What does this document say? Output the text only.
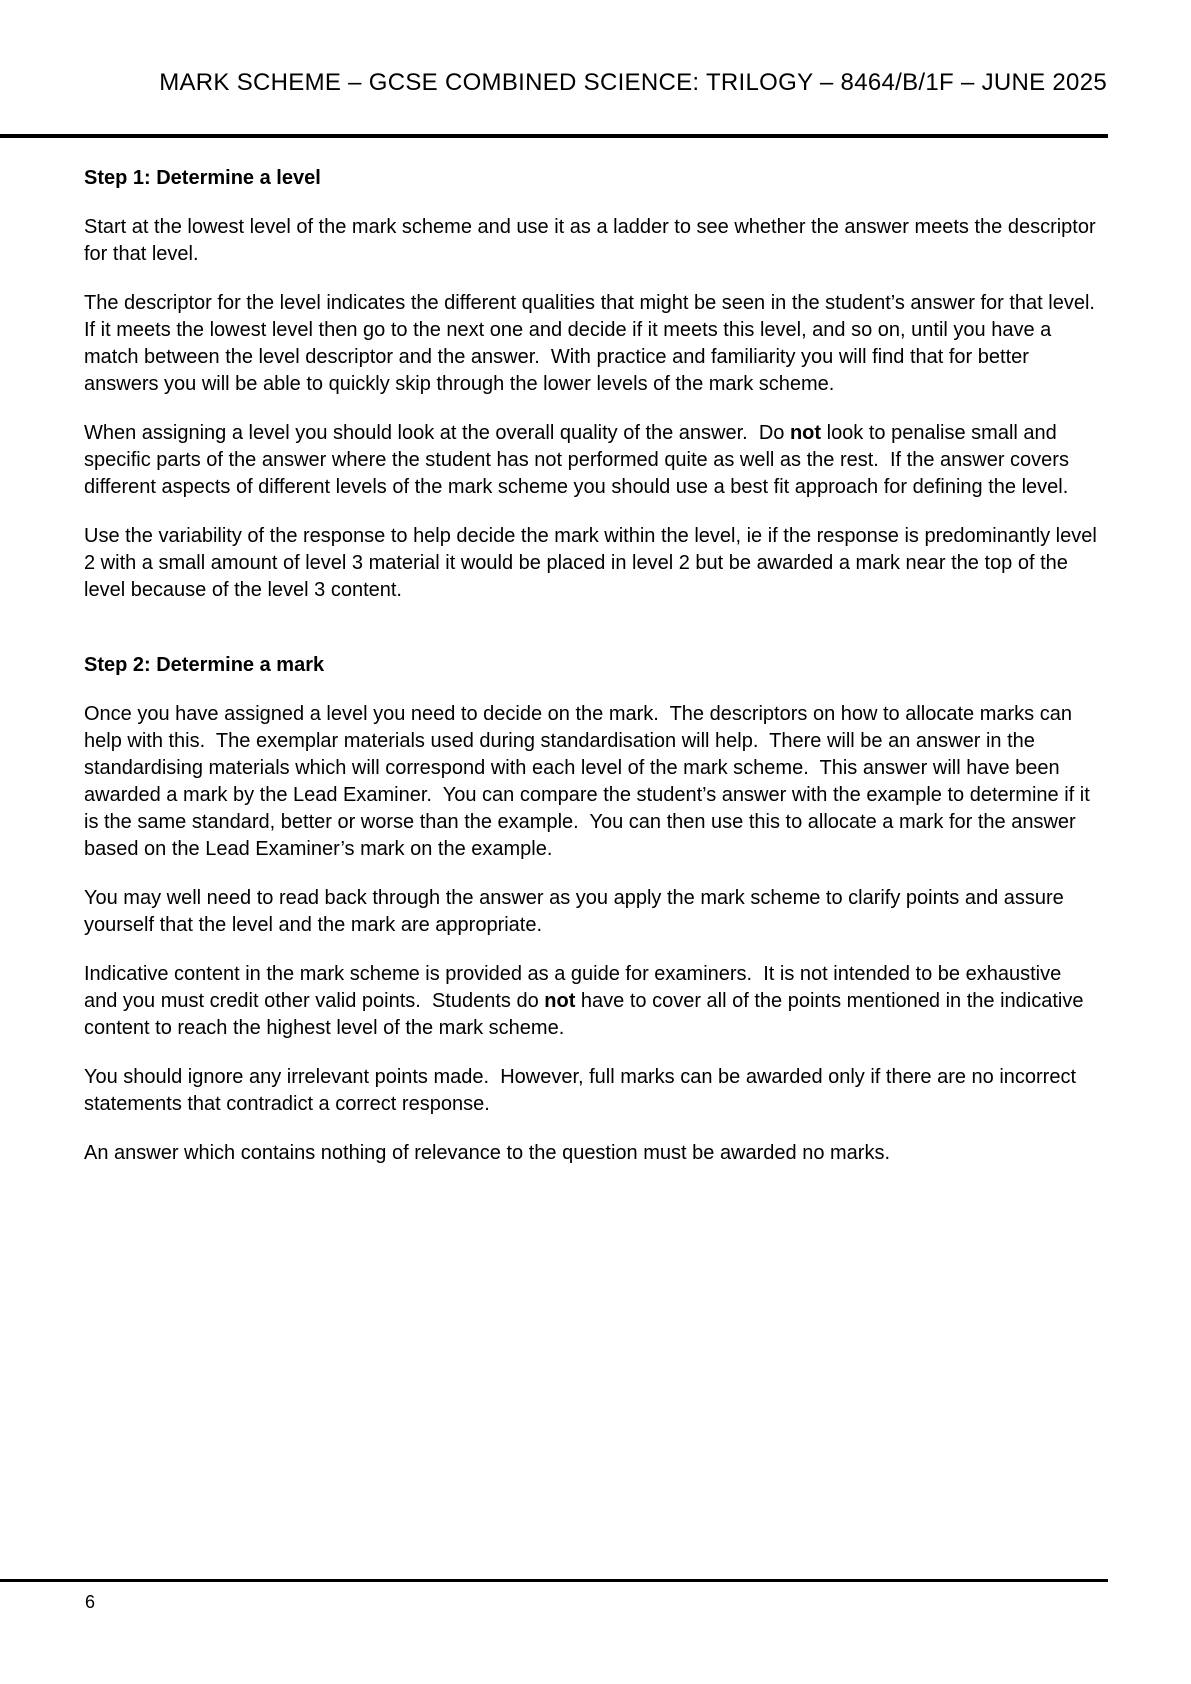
MARK SCHEME – GCSE COMBINED SCIENCE: TRILOGY – 8464/B/1F – JUNE 2025
Step 1: Determine a level

Start at the lowest level of the mark scheme and use it as a ladder to see whether the answer meets the descriptor for that level.

The descriptor for the level indicates the different qualities that might be seen in the student’s answer for that level.  If it meets the lowest level then go to the next one and decide if it meets this level, and so on, until you have a match between the level descriptor and the answer.  With practice and familiarity you will find that for better answers you will be able to quickly skip through the lower levels of the mark scheme.

When assigning a level you should look at the overall quality of the answer.  Do not look to penalise small and specific parts of the answer where the student has not performed quite as well as the rest.  If the answer covers different aspects of different levels of the mark scheme you should use a best fit approach for defining the level.

Use the variability of the response to help decide the mark within the level, ie if the response is predominantly level 2 with a small amount of level 3 material it would be placed in level 2 but be awarded a mark near the top of the level because of the level 3 content.

Step 2: Determine a mark

Once you have assigned a level you need to decide on the mark.  The descriptors on how to allocate marks can help with this.  The exemplar materials used during standardisation will help.  There will be an answer in the standardising materials which will correspond with each level of the mark scheme.  This answer will have been awarded a mark by the Lead Examiner.  You can compare the student’s answer with the example to determine if it is the same standard, better or worse than the example.  You can then use this to allocate a mark for the answer based on the Lead Examiner’s mark on the example.

You may well need to read back through the answer as you apply the mark scheme to clarify points and assure yourself that the level and the mark are appropriate.

Indicative content in the mark scheme is provided as a guide for examiners.  It is not intended to be exhaustive and you must credit other valid points.  Students do not have to cover all of the points mentioned in the indicative content to reach the highest level of the mark scheme.

You should ignore any irrelevant points made.  However, full marks can be awarded only if there are no incorrect statements that contradict a correct response.

An answer which contains nothing of relevance to the question must be awarded no marks.

6
